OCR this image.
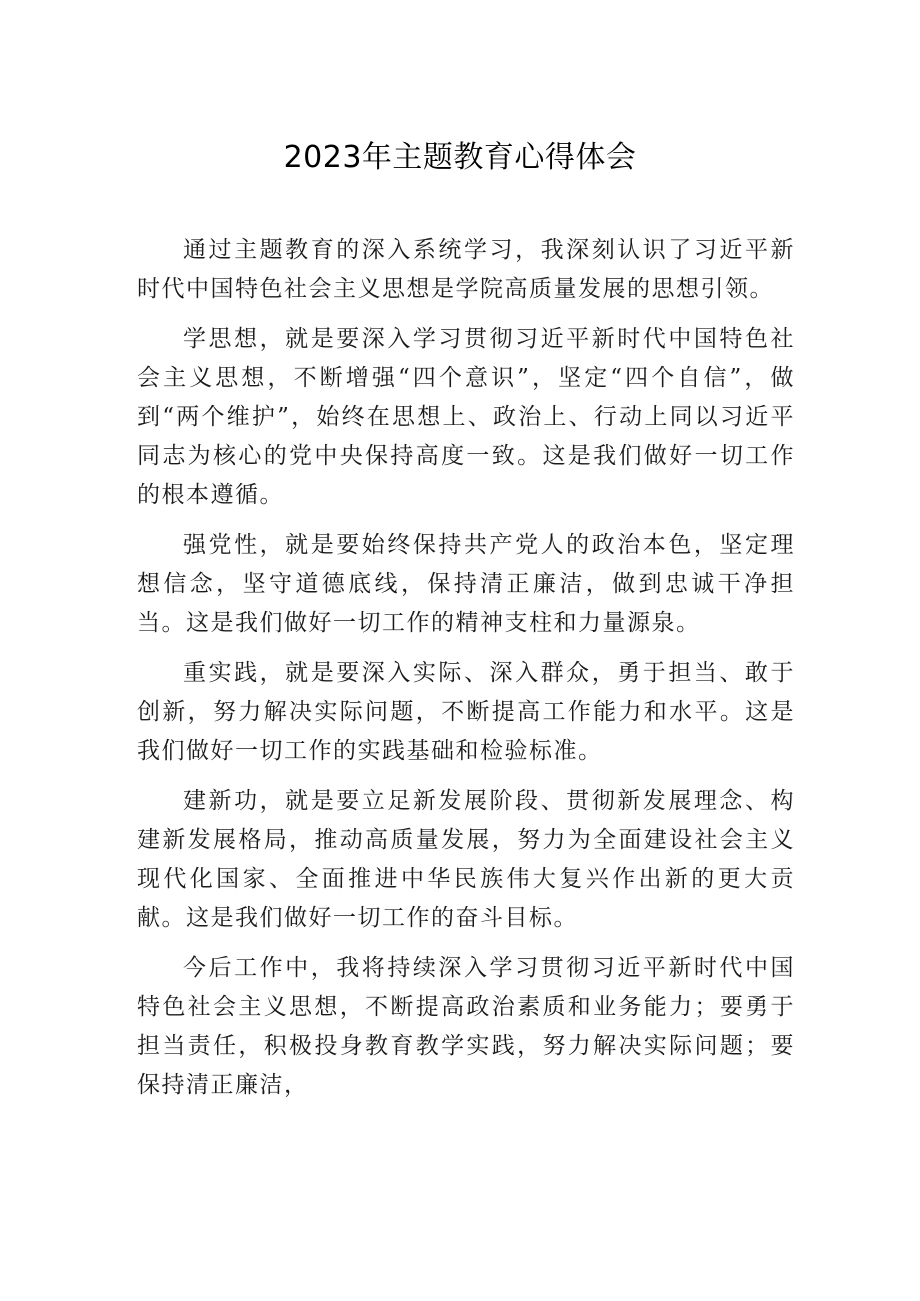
2023年主题教育心得体会

通过主题教育的深入系统学习，我深刻认识了习近平新时代中国特色社会主义思想是学院高质量发展的思想引领。

学思想，就是要深入学习贯彻习近平新时代中国特色社会主义思想，不断增强“四个意识”，坚定“四个自信”，做到“两个维护”，始终在思想上、政治上、行动上同以习近平同志为核心的党中央保持高度一致。这是我们做好一切工作的根本遵循。

强党性，就是要始终保持共产党人的政治本色，坚定理想信念，坚守道德底线，保持清正廉洁，做到忠诚干净担当。这是我们做好一切工作的精神支柱和力量源泉。

重实践，就是要深入实际、深入群众，勇于担当、敢于创新，努力解决实际问题，不断提高工作能力和水平。这是我们做好一切工作的实践基础和检验标准。

建新功，就是要立足新发展阶段、贯彻新发展理念、构建新发展格局，推动高质量发展，努力为全面建设社会主义现代化国家、全面推进中华民族伟大复兴作出新的更大贡献。这是我们做好一切工作的奋斗目标。

今后工作中，我将持续深入学习贯彻习近平新时代中国特色社会主义思想，不断提高政治素质和业务能力；要勇于担当责任，积极投身教育教学实践，努力解决实际问题；要保持清正廉洁，
